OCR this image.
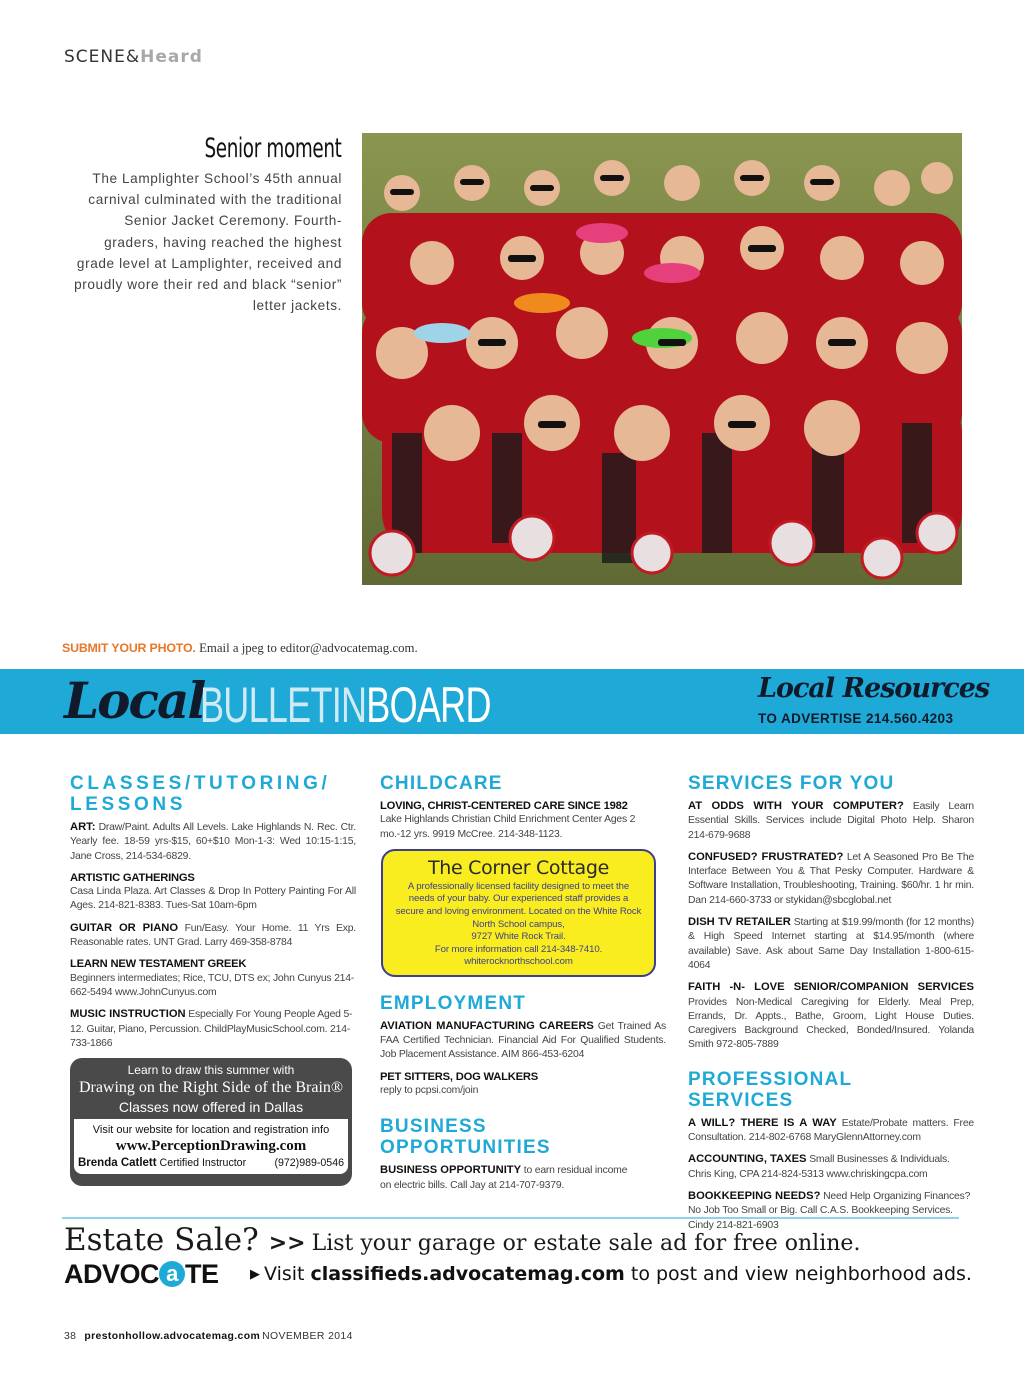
SCENE&Heard
Senior moment
The Lamplighter School’s 45th annual carnival culminated with the traditional Senior Jacket Ceremony. Fourth-graders, having reached the highest grade level at Lamplighter, received and proudly wore their red and black “senior” letter jackets.
SUBMIT YOUR PHOTO. Email a jpeg to editor@advocatemag.com.
Local
BULLETINBOARD	Local Resources
TO ADVERTISE 214.560.4203
CLASSES/TUTORING/ LESSONS
ART: Draw/Paint. Adults All Levels. Lake Highlands N. Rec. Ctr. Yearly fee. 18-59 yrs-$15, 60+$10 Mon-1-3: Wed 10:15-1:15, Jane Cross, 214-534-6829.
ARTISTIC GATHERINGS
Casa Linda Plaza. Art Classes & Drop In Pottery Painting For All Ages. 214-821-8383. Tues-Sat 10am-6pm
GUITAR OR PIANO Fun/Easy. Your Home. 11 Yrs Exp. Reasonable rates. UNT Grad. Larry 469-358-8784
LEARN NEW TESTAMENT GREEK
Beginners intermediates; Rice, TCU, DTS ex; John Cunyus 214-662-5494 www.JohnCunyus.com
MUSIC INSTRUCTION Especially For Young People Aged 5-12. Guitar, Piano, Percussion. ChildPlayMusicSchool.com. 214-733-1866
Learn to draw this summer with
Drawing on the Right Side of the Brain®
Classes now offered in Dallas
Visit our website for location and registration info
www.PerceptionDrawing.com
Brenda Catlett Certified Instructor	(972)989-0546
CHILDCARE
LOVING, CHRIST-CENTERED CARE SINCE 1982
Lake Highlands Christian Child Enrichment Center Ages 2 mo.-12 yrs. 9919 McCree. 214-348-1123.
The Corner Cottage
A professionally licensed facility designed to meet the needs of your baby. Our experienced staff provides a secure and loving environment. Located on the White Rock North School campus,
9727 White Rock Trail.
For more information call 214-348-7410.
whiterocknorthschool.com
EMPLOYMENT
AVIATION MANUFACTURING CAREERS Get Trained As FAA Certified Technician. Financial Aid For Qualified Students. Job Placement Assistance. AIM 866-453-6204
PET SITTERS, DOG WALKERS
reply to pcpsi.com/join
BUSINESS OPPORTUNITIES
BUSINESS OPPORTUNITY to earn residual income on electric bills. Call Jay at 214-707-9379.
SERVICES FOR YOU
AT ODDS WITH YOUR COMPUTER? Easily Learn Essential Skills. Services include Digital Photo Help. Sharon 214-679-9688
CONFUSED? FRUSTRATED? Let A Seasoned Pro Be The Interface Between You & That Pesky Computer. Hardware & Software Installation, Troubleshooting, Training. $60/hr. 1 hr min. Dan 214-660-3733 or stykidan@sbcglobal.net
DISH TV RETAILER Starting at $19.99/month (for 12 months) & High Speed Internet starting at $14.95/month (where available) Save. Ask about Same Day Installation 1-800-615-4064
FAITH -N- LOVE SENIOR/COMPANION SERVICES Provides Non-Medical Caregiving for Elderly. Meal Prep, Errands, Dr. Appts., Bathe, Groom, Light House Duties. Caregivers Background Checked, Bonded/Insured. Yolanda Smith 972-805-7889
PROFESSIONAL SERVICES
A WILL? THERE IS A WAY Estate/Probate matters. Free Consultation. 214-802-6768 MaryGlennAttorney.com
ACCOUNTING, TAXES Small Businesses & Individuals. Chris King, CPA 214-824-5313 www.chriskingcpa.com
BOOKKEEPING NEEDS? Need Help Organizing Finances? No Job Too Small or Big. Call C.A.S. Bookkeeping Services. Cindy 214-821-6903
Estate Sale? >> List your garage or estate sale ad for free online.
ADVOC a TE ▶ Visit classifieds.advocatemag.com to post and view neighborhood ads.
38 prestonhollow.advocatemag.com NOVEMBER 2014
